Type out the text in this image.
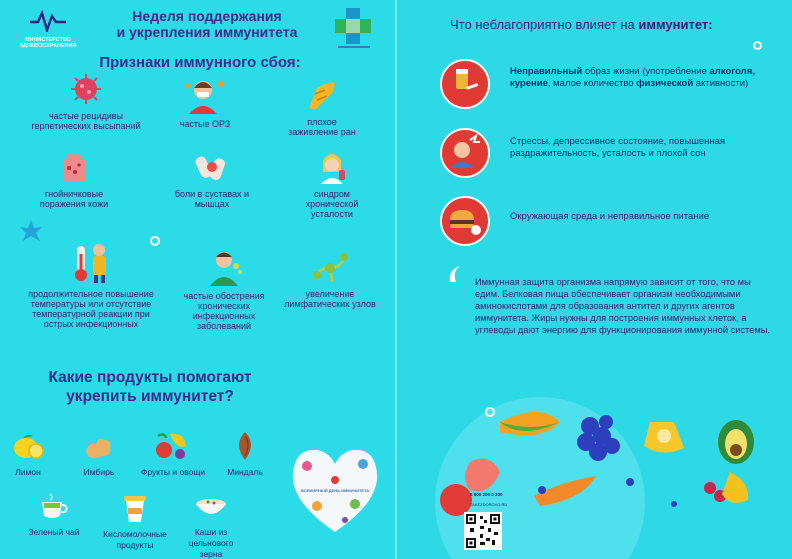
МИНИСТЕРСТВО ЗДРАВООХРАНЕНИЯ
Неделя поддержания
и укрепления иммунитета
Признаки иммунного сбоя:
частые рецидивы герпетических высыпаний	частые ОРЗ	плохое заживление ран
гнойничковые поражения кожи
боли в суставах и мышцах
синдром хронической усталости
продолжительное повышение температуры или отсутствие температурной реакции при острых инфекционных
частые обострения хронических инфекционных заболеваний
увеличение лимфатических узлов
Какие продукты помогают
укрепить иммунитет?
Лимон	Имбирь	Фрукты и овощи	Миндаль
Зеленый чай	Кисломолочные продукты
Каши из цельнового зерна
ВСЕМИРНЫЙ ДЕНЬ ИММУНИТЕТА
Что неблагоприятно влияет на иммунитет:
Неправильный образ жизни (употребление алкоголя, курение, малое количество физической активности)
Стрессы, депрессивное состояние, повышенная раздражительность, усталость и плохой сон
Окружающая среда и неправильное питание
Иммунная защита организма напрямую зависит от того, что мы едим. Белковая пища обеспечивает организм необходимыми аминокислотами для образования антител и других агентов иммунитета. Жиры нужны для построения иммунных клеток, а углеводы дают энергию для функционирования иммунной системы.
8 800 200 0 200
TAKEZDOROVO.RU
